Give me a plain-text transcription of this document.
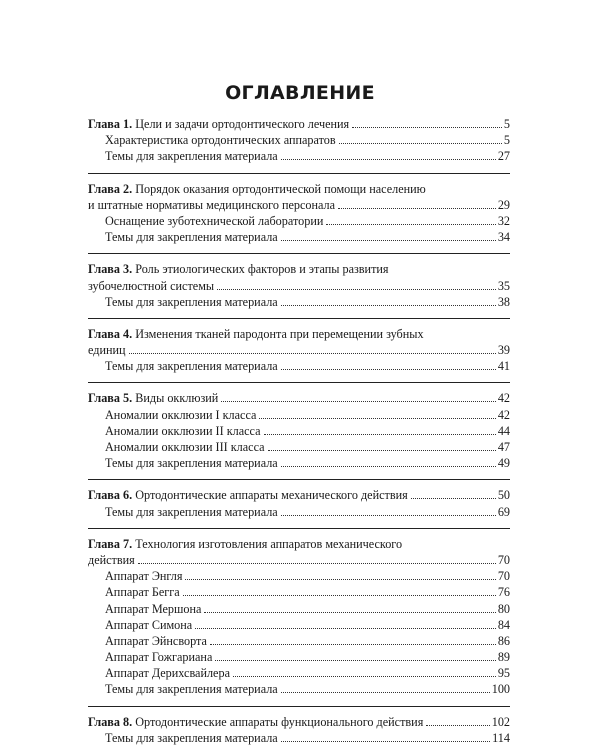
ОГЛАВЛЕНИЕ
Глава 1. Цели и задачи ортодонтического лечения	5
Характеристика ортодонтических аппаратов	5
Темы для закрепления материала	27
Глава 2. Порядок оказания ортодонтической помощи населению
и штатные нормативы медицинского персонала	29
Оснащение зуботехнической лаборатории	32
Темы для закрепления материала	34
Глава 3. Роль этиологических факторов и этапы развития
зубочелюстной системы	35
Темы для закрепления материала	38
Глава 4. Изменения тканей пародонта при перемещении зубных
единиц	39
Темы для закрепления материала	41
Глава 5. Виды окклюзий	42
Аномалии окклюзии I класса	42
Аномалии окклюзии II класса	44
Аномалии окклюзии III класса	47
Темы для закрепления материала	49
Глава 6. Ортодонтические аппараты механического действия	50
Темы для закрепления материала	69
Глава 7. Технология изготовления аппаратов механического
действия	70
Аппарат Энгля	70
Аппарат Бегга	76
Аппарат Мершона	80
Аппарат Симона	84
Аппарат Эйнсворта	86
Аппарат Гожгариана	89
Аппарат Дерихсвайлера	95
Темы для закрепления материала	100
Глава 8. Ортодонтические аппараты функционального действия	102
Темы для закрепления материала	114
